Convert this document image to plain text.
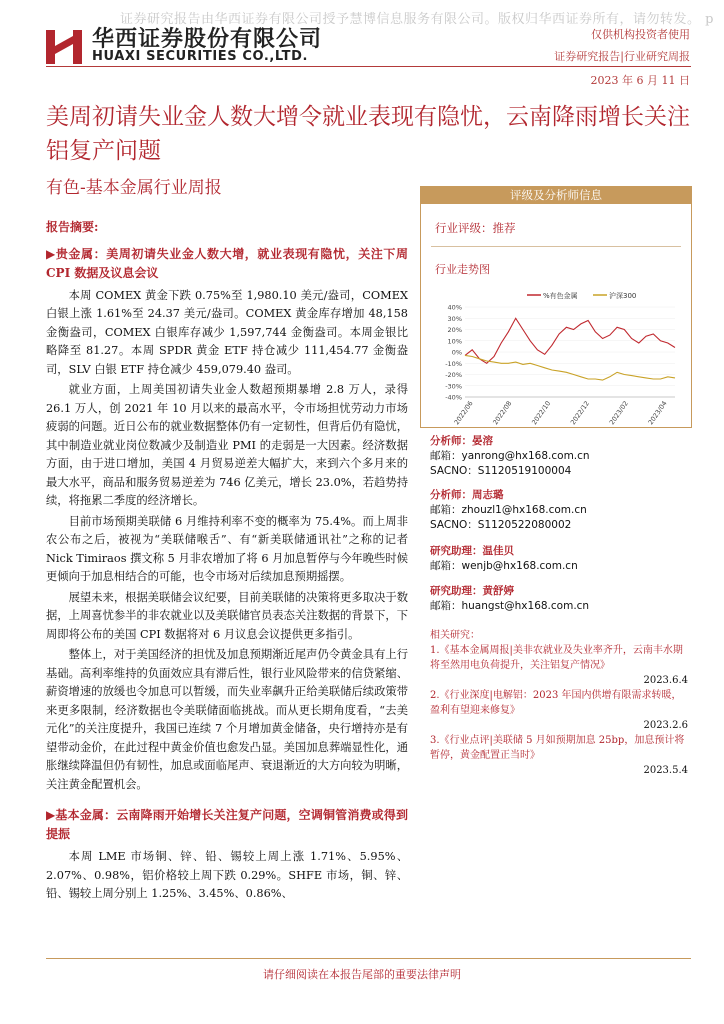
证券研究报告由华西证券有限公司授予慧博信息服务有限公司。版权归华西证券所有，请勿转发。 p
华西证券股份有限公司
HUAXI SECURITIES CO.,LTD.
仅供机构投资者使用
证券研究报告|行业研究周报
2023 年 6 月 11 日
美周初请失业金人数大增令就业表现有隐忧，云南降雨增长关注铝复产问题
有色-基本金属行业周报
报告摘要:
▶贵金属：美周初请失业金人数大增，就业表现有隐忧，关注下周 CPI 数据及议息会议

本周 COMEX 黄金下跌 0.75%至 1,980.10 美元/盎司，COMEX 白银上涨 1.61%至 24.37 美元/盎司。COMEX 黄金库存增加 48,158 金衡盎司，COMEX 白银库存减少 1,597,744 金衡盎司。本周金银比略降至 81.27。本周 SPDR 黄金 ETF 持仓减少 111,454.77 金衡盎司，SLV 白银 ETF 持仓减少 459,079.40 盎司。

就业方面，上周美国初请失业金人数超预期暴增 2.8 万人，录得 26.1 万人，创 2021 年 10 月以来的最高水平，令市场担忧劳动力市场疲弱的问题。近日公布的就业数据整体仍有一定韧性，但背后仍有隐忧，其中制造业就业岗位数减少及制造业 PMI 的走弱是一大因素。经济数据方面，由于进口增加，美国 4 月贸易逆差大幅扩大，来到六个多月来的最大水平，商品和服务贸易逆差为 746 亿美元，增长 23.0%，若趋势持续，将拖累二季度的经济增长。

目前市场预期美联储 6 月维持利率不变的概率为 75.4%。而上周非农公布之后，被视为“美联储喉舌”、有“新美联储通讯社”之称的记者 Nick Timiraos 撰文称 5 月非农增加了将 6 月加息暂停与今年晚些时候更倾向于加息相结合的可能，也令市场对后续加息预期摇摆。

展望未来，根据美联储会议纪要，目前美联储的决策将更多取决于数据，上周喜忧参半的非农就业以及美联储官员表态关注数据的背景下，下周即将公布的美国 CPI 数据将对 6 月议息会议提供更多指引。

整体上，对于美国经济的担忧及加息预期渐近尾声仍令黄金具有上行基础。高利率维持的负面效应具有滞后性，银行业风险带来的信贷紧缩、薪资增速的放缓也令加息可以暂缓，而失业率飙升正给美联储后续政策带来更多限制，经济数据也令美联储面临挑战。而从更长期角度看，“去美元化”的关注度提升，我国已连续 7 个月增加黄金储备，央行增持亦是有望带动金价，在此过程中黄金价值也愈发凸显。美国加息葬端显性化，通胀继续降温但仍有韧性，加息或面临尾声、衰退渐近的大方向较为明晰，关注黄金配置机会。

▶基本金属：云南降雨开始增长关注复产问题，空调铜管消费或得到提振

本周 LME 市场铜、锌、铅、锡较上周上涨 1.71%、5.95%、2.07%、0.98%，铝价格较上周下跌 0.29%。SHFE 市场，铜、锌、铅、锡较上周分别上 1.25%、3.45%、0.86%、

评级及分析师信息
行业评级：推荐
行业走势图
40%
30%
20%
10%
0%
-10%
-20%
-30%
-40%
2022/06	2022/08	2022/10	2022/12	2023/02	2023/04
%有色金属	沪深300
分析师：晏溶
邮箱：yanrong@hx168.com.cn
SACNO：S1120519100004
分析师：周志璐
邮箱：zhouzl1@hx168.com.cn
SACNO：S1120522080002
研究助理：温佳贝
邮箱：wenjb@hx168.com.cn
研究助理：黄舒婷
邮箱：huangst@hx168.com.cn
相关研究：
1.《基本金属周报|美非农就业及失业率齐升，云南丰水期将至然用电负荷提升，关注铝复产情况》
2023.6.4
2.《行业深度|电解铝：2023 年国内供增有限需求转暖，盈利有望迎来修复》
2023.2.6
3.《行业点评|美联储 5 月如预期加息 25bp，加息预计将暂停，黄金配置正当时》
2023.5.4
请仔细阅读在本报告尾部的重要法律声明
